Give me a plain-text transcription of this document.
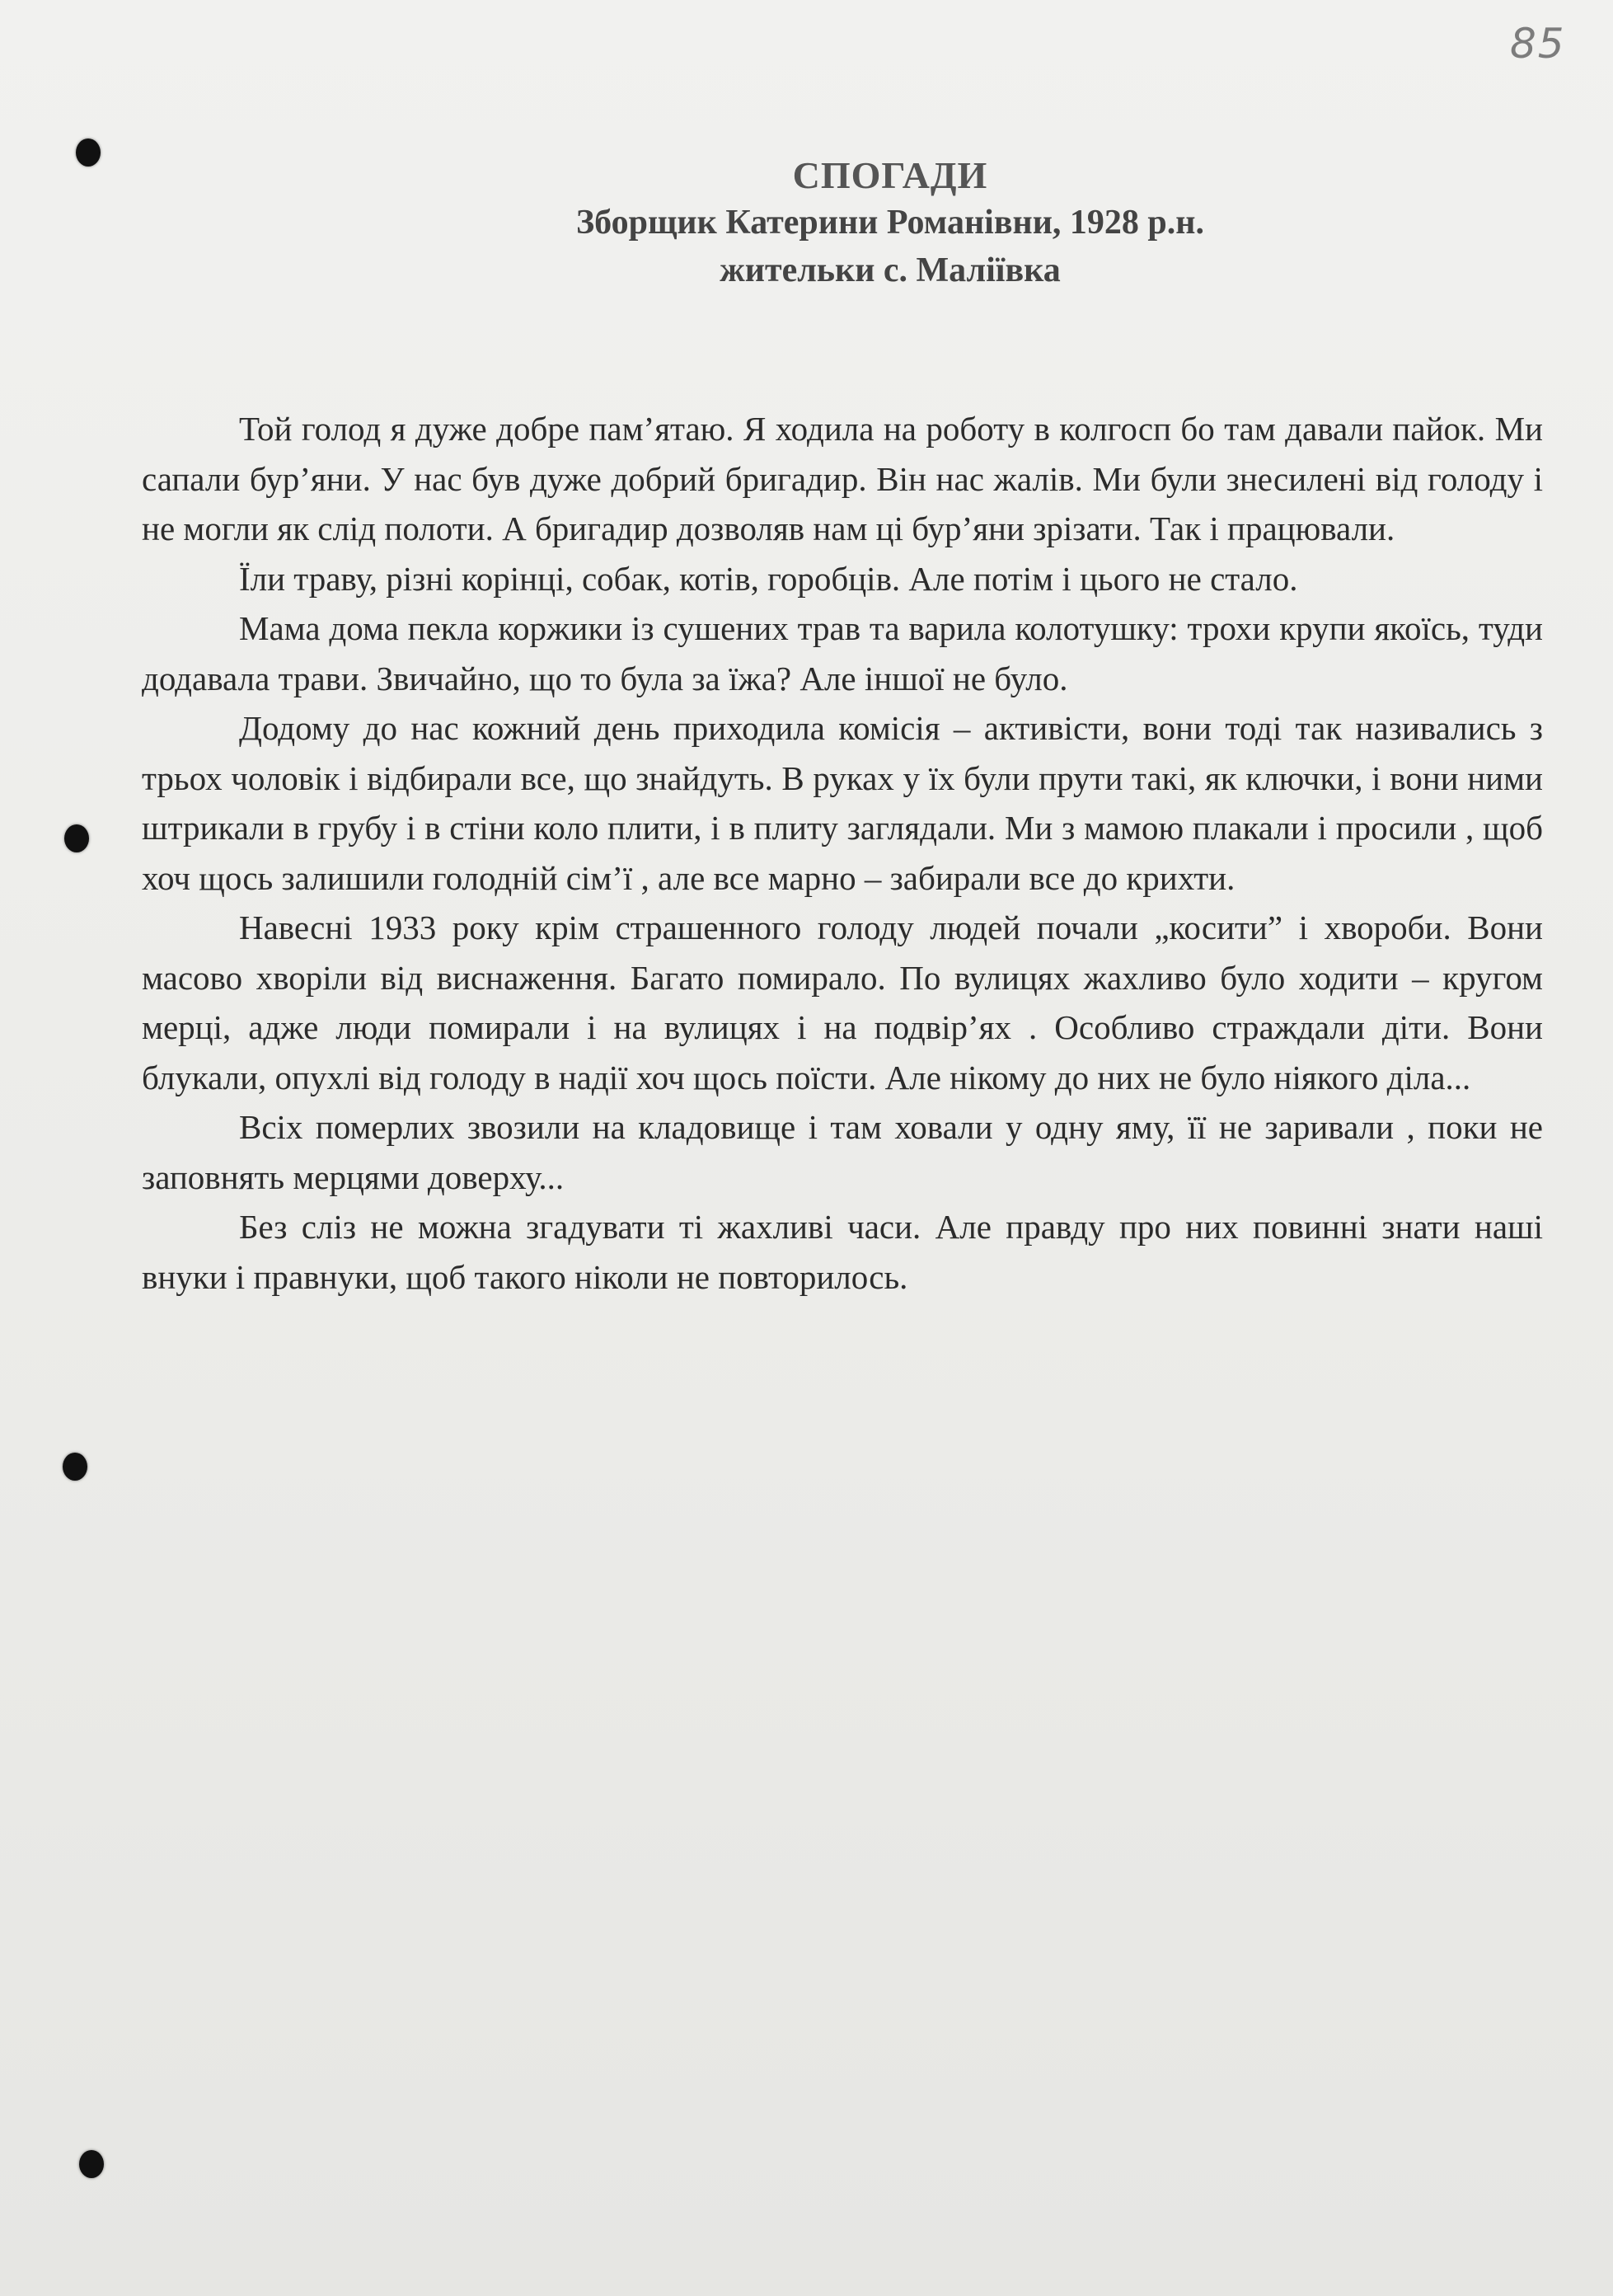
85

СПОГАДИ

Зборщик Катерини Романівни, 1928 р.н.

жительки с. Маліївка

Той голод я дуже добре пам’ятаю. Я ходила на роботу в колгосп бо там давали пайок. Ми сапали бур’яни. У нас був дуже добрий бригадир. Він нас жалів. Ми були знесилені від голоду і не могли як слід полоти. А бригадир дозволяв нам ці бур’яни зрізати. Так і працювали.

Їли траву, різні корінці, собак, котів, горобців. Але потім і цього не стало.

Мама дома пекла коржики із сушених трав та варила колотушку: трохи крупи якоїсь, туди додавала трави. Звичайно, що то була за їжа? Але іншої не було.

Додому до нас кожний день приходила комісія – активісти, вони тоді так називались з трьох чоловік і відбирали все, що знайдуть. В руках у їх були прути такі, як ключки, і вони ними штрикали в грубу і в стіни коло плити, і в плиту заглядали. Ми з мамою плакали і просили , щоб хоч щось залишили голодній сім’ї , але все марно – забирали все до крихти.

Навесні 1933 року крім страшенного голоду людей почали „косити” і хвороби. Вони масово хворіли від виснаження. Багато помирало. По вулицях жахливо було ходити – кругом мерці, адже люди помирали і на вулицях і на подвір’ях . Особливо страждали діти. Вони блукали, опухлі від голоду в надії хоч щось поїсти. Але нікому до них не було ніякого діла...

Всіх померлих звозили на кладовище і там ховали у одну яму, її не заривали , поки не заповнять мерцями доверху...

Без сліз не можна згадувати ті жахливі часи. Але правду про них повинні знати наші внуки і правнуки, щоб такого ніколи не повторилось.
